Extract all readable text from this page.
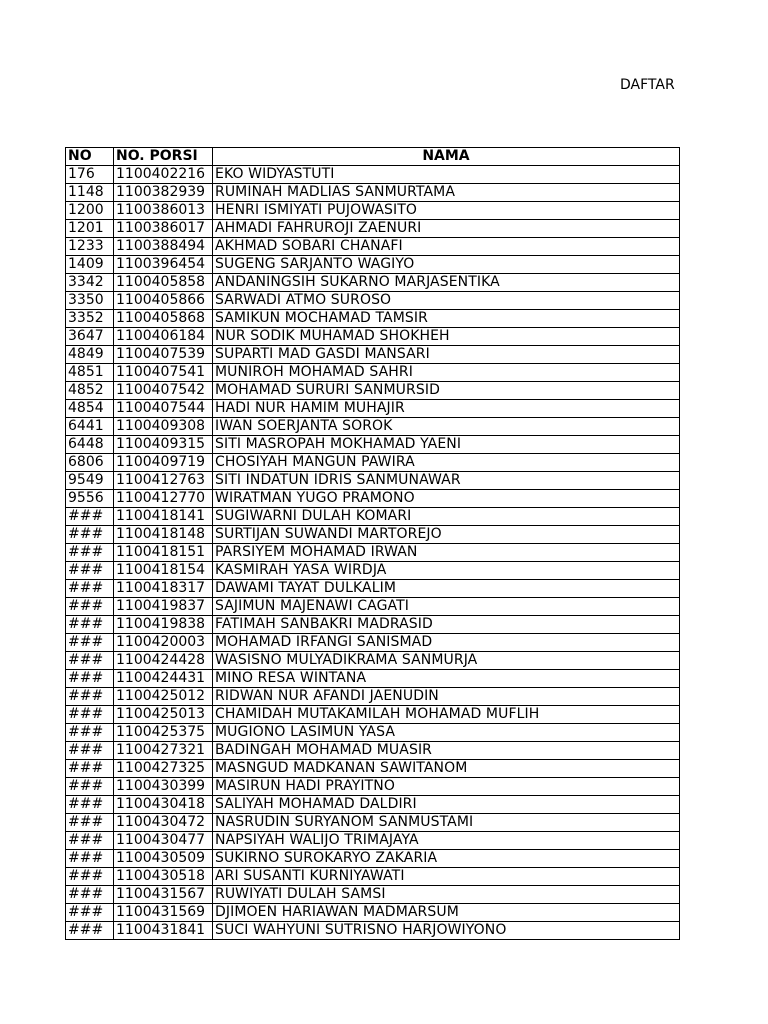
DAFTAR
NO	NO. PORSI	NAMA
176	1100402216	EKO WIDYASTUTI
1148	1100382939	RUMINAH MADLIAS SANMURTAMA
1200	1100386013	HENRI ISMIYATI PUJOWASITO
1201	1100386017	AHMADI FAHRUROJI ZAENURI
1233	1100388494	AKHMAD SOBARI CHANAFI
1409	1100396454	SUGENG SARJANTO WAGIYO
3342	1100405858	ANDANINGSIH SUKARNO MARJASENTIKA
3350	1100405866	SARWADI ATMO SUROSO
3352	1100405868	SAMIKUN MOCHAMAD TAMSIR
3647	1100406184	NUR SODIK MUHAMAD SHOKHEH
4849	1100407539	SUPARTI MAD GASDI MANSARI
4851	1100407541	MUNIROH MOHAMAD SAHRI
4852	1100407542	MOHAMAD SURURI SANMURSID
4854	1100407544	HADI NUR HAMIM MUHAJIR
6441	1100409308	IWAN SOERJANTA SOROK
6448	1100409315	SITI MASROPAH MOKHAMAD YAENI
6806	1100409719	CHOSIYAH MANGUN PAWIRA
9549	1100412763	SITI INDATUN IDRIS SANMUNAWAR
9556	1100412770	WIRATMAN YUGO PRAMONO
###	1100418141	SUGIWARNI DULAH KOMARI
###	1100418148	SURTIJAN SUWANDI MARTOREJO
###	1100418151	PARSIYEM MOHAMAD IRWAN
###	1100418154	KASMIRAH YASA WIRDJA
###	1100418317	DAWAMI TAYAT DULKALIM
###	1100419837	SAJIMUN MAJENAWI CAGATI
###	1100419838	FATIMAH SANBAKRI MADRASID
###	1100420003	MOHAMAD IRFANGI SANISMAD
###	1100424428	WASISNO MULYADIKRAMA SANMURJA
###	1100424431	MINO RESA WINTANA
###	1100425012	RIDWAN NUR AFANDI JAENUDIN
###	1100425013	CHAMIDAH MUTAKAMILAH MOHAMAD MUFLIH
###	1100425375	MUGIONO LASIMUN YASA
###	1100427321	BADINGAH MOHAMAD MUASIR
###	1100427325	MASNGUD MADKANAN SAWITANOM
###	1100430399	MASIRUN HADI PRAYITNO
###	1100430418	SALIYAH MOHAMAD DALDIRI
###	1100430472	NASRUDIN SURYANOM SANMUSTAMI
###	1100430477	NAPSIYAH WALIJO TRIMAJAYA
###	1100430509	SUKIRNO SUROKARYO ZAKARIA
###	1100430518	ARI SUSANTI KURNIYAWATI
###	1100431567	RUWIYATI DULAH SAMSI
###	1100431569	DJIMOEN HARIAWAN MADMARSUM
###	1100431841	SUCI WAHYUNI SUTRISNO HARJOWIYONO
